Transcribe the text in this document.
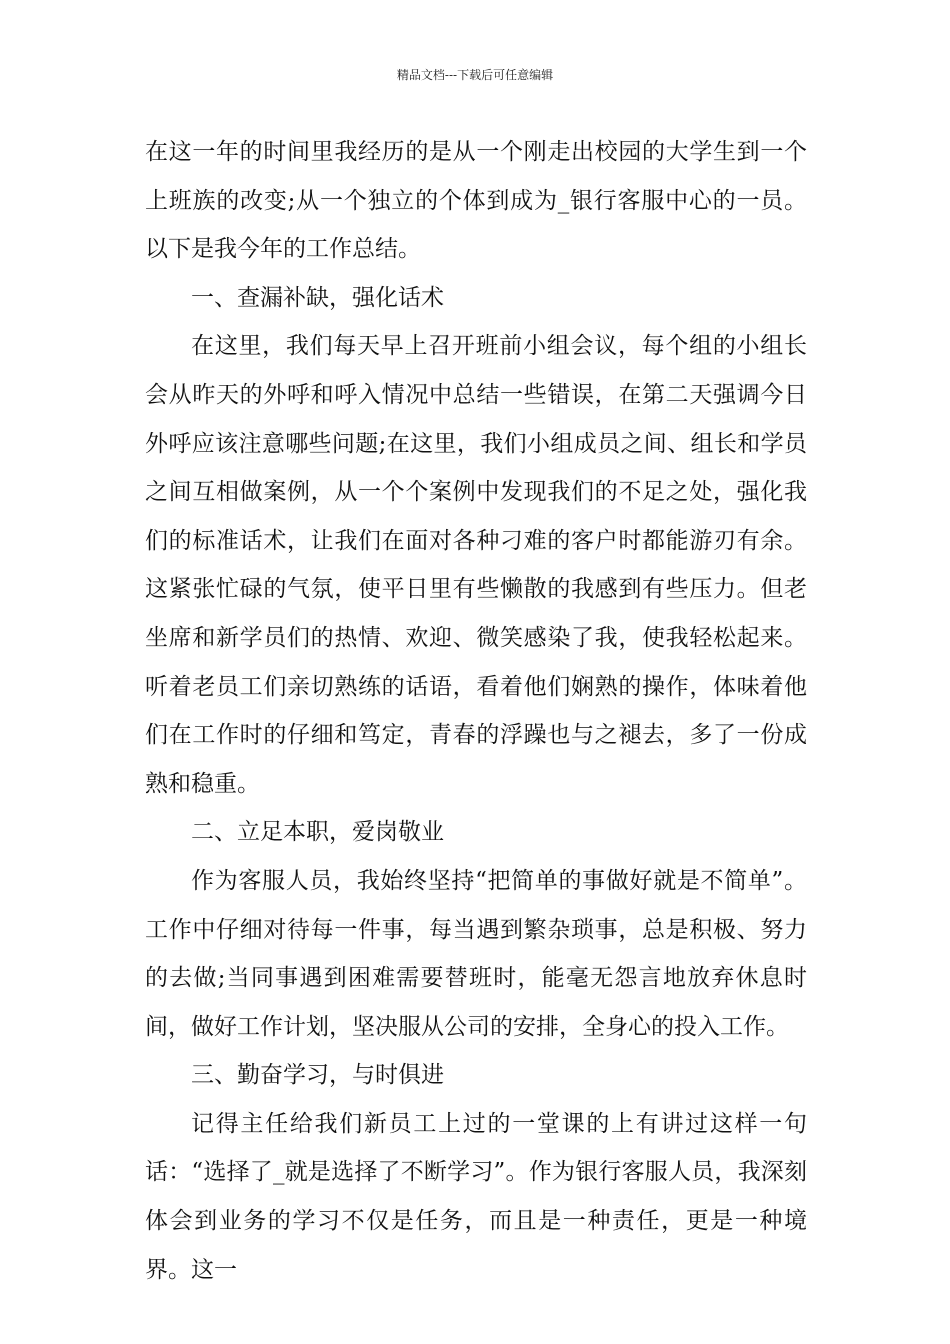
精品文档---下载后可任意编辑

在这一年的时间里我经历的是从一个刚走出校园的大学生到一个上班族的改变;从一个独立的个体到成为_银行客服中心的一员。以下是我今年的工作总结。

一、查漏补缺，强化话术

在这里，我们每天早上召开班前小组会议，每个组的小组长会从昨天的外呼和呼入情况中总结一些错误，在第二天强调今日外呼应该注意哪些问题;在这里，我们小组成员之间、组长和学员之间互相做案例，从一个个案例中发现我们的不足之处，强化我们的标准话术，让我们在面对各种刁难的客户时都能游刃有余。这紧张忙碌的气氛，使平日里有些懒散的我感到有些压力。但老坐席和新学员们的热情、欢迎、微笑感染了我，使我轻松起来。听着老员工们亲切熟练的话语，看着他们娴熟的操作，体味着他们在工作时的仔细和笃定，青春的浮躁也与之褪去，多了一份成熟和稳重。

二、立足本职，爱岗敬业

作为客服人员，我始终坚持“把简单的事做好就是不简单”。工作中仔细对待每一件事，每当遇到繁杂琐事，总是积极、努力的去做;当同事遇到困难需要替班时，能毫无怨言地放弃休息时间，做好工作计划，坚决服从公司的安排，全身心的投入工作。

三、勤奋学习，与时俱进

记得主任给我们新员工上过的一堂课的上有讲过这样一句话：“选择了_就是选择了不断学习”。作为银行客服人员，我深刻体会到业务的学习不仅是任务，而且是一种责任，更是一种境界。这一
